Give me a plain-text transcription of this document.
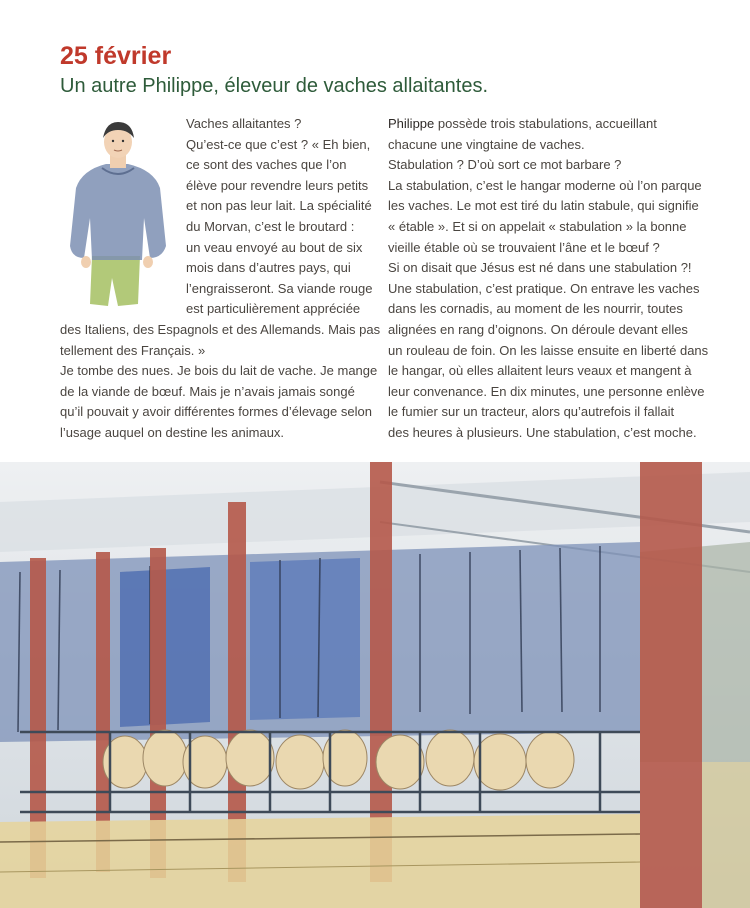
25 février
Un autre Philippe, éleveur de vaches allaitantes.
Vaches allaitantes ?
Qu’est-ce que c’est ? « Eh bien,
ce sont des vaches que l’on
élève pour revendre leurs petits
et non pas leur lait. La spécialité
du Morvan, c’est le broutard :
un veau envoyé au bout de six
mois dans d’autres pays, qui
l’engraisseront. Sa viande rouge
est particulièrement appréciée
des Italiens, des Espagnols et des Allemands. Mais pas
tellement des Français. »
Je tombe des nues. Je bois du lait de vache. Je mange
de la viande de bœuf. Mais je n’avais jamais songé
qu’il pouvait y avoir différentes formes d’élevage selon
l’usage auquel on destine les animaux.
Philippe possède trois stabulations, accueillant
chacune une vingtaine de vaches.
Stabulation ? D’où sort ce mot barbare ?
La stabulation, c’est le hangar moderne où l’on parque
les vaches. Le mot est tiré du latin stabule, qui signifie
« étable ». Et si on appelait « stabulation » la bonne
vieille étable où se trouvaient l’âne et le bœuf ?
Si on disait que Jésus est né dans une stabulation ?!
Une stabulation, c’est pratique. On entrave les vaches
dans les cornadis, au moment de les nourrir, toutes
alignées en rang d’oignons. On déroule devant elles
un rouleau de foin. On les laisse ensuite en liberté dans
le hangar, où elles allaitent leurs veaux et mangent à
leur convenance. En dix minutes, une personne enlève
le fumier sur un tracteur, alors qu’autrefois il fallait
des heures à plusieurs. Une stabulation, c’est moche.
